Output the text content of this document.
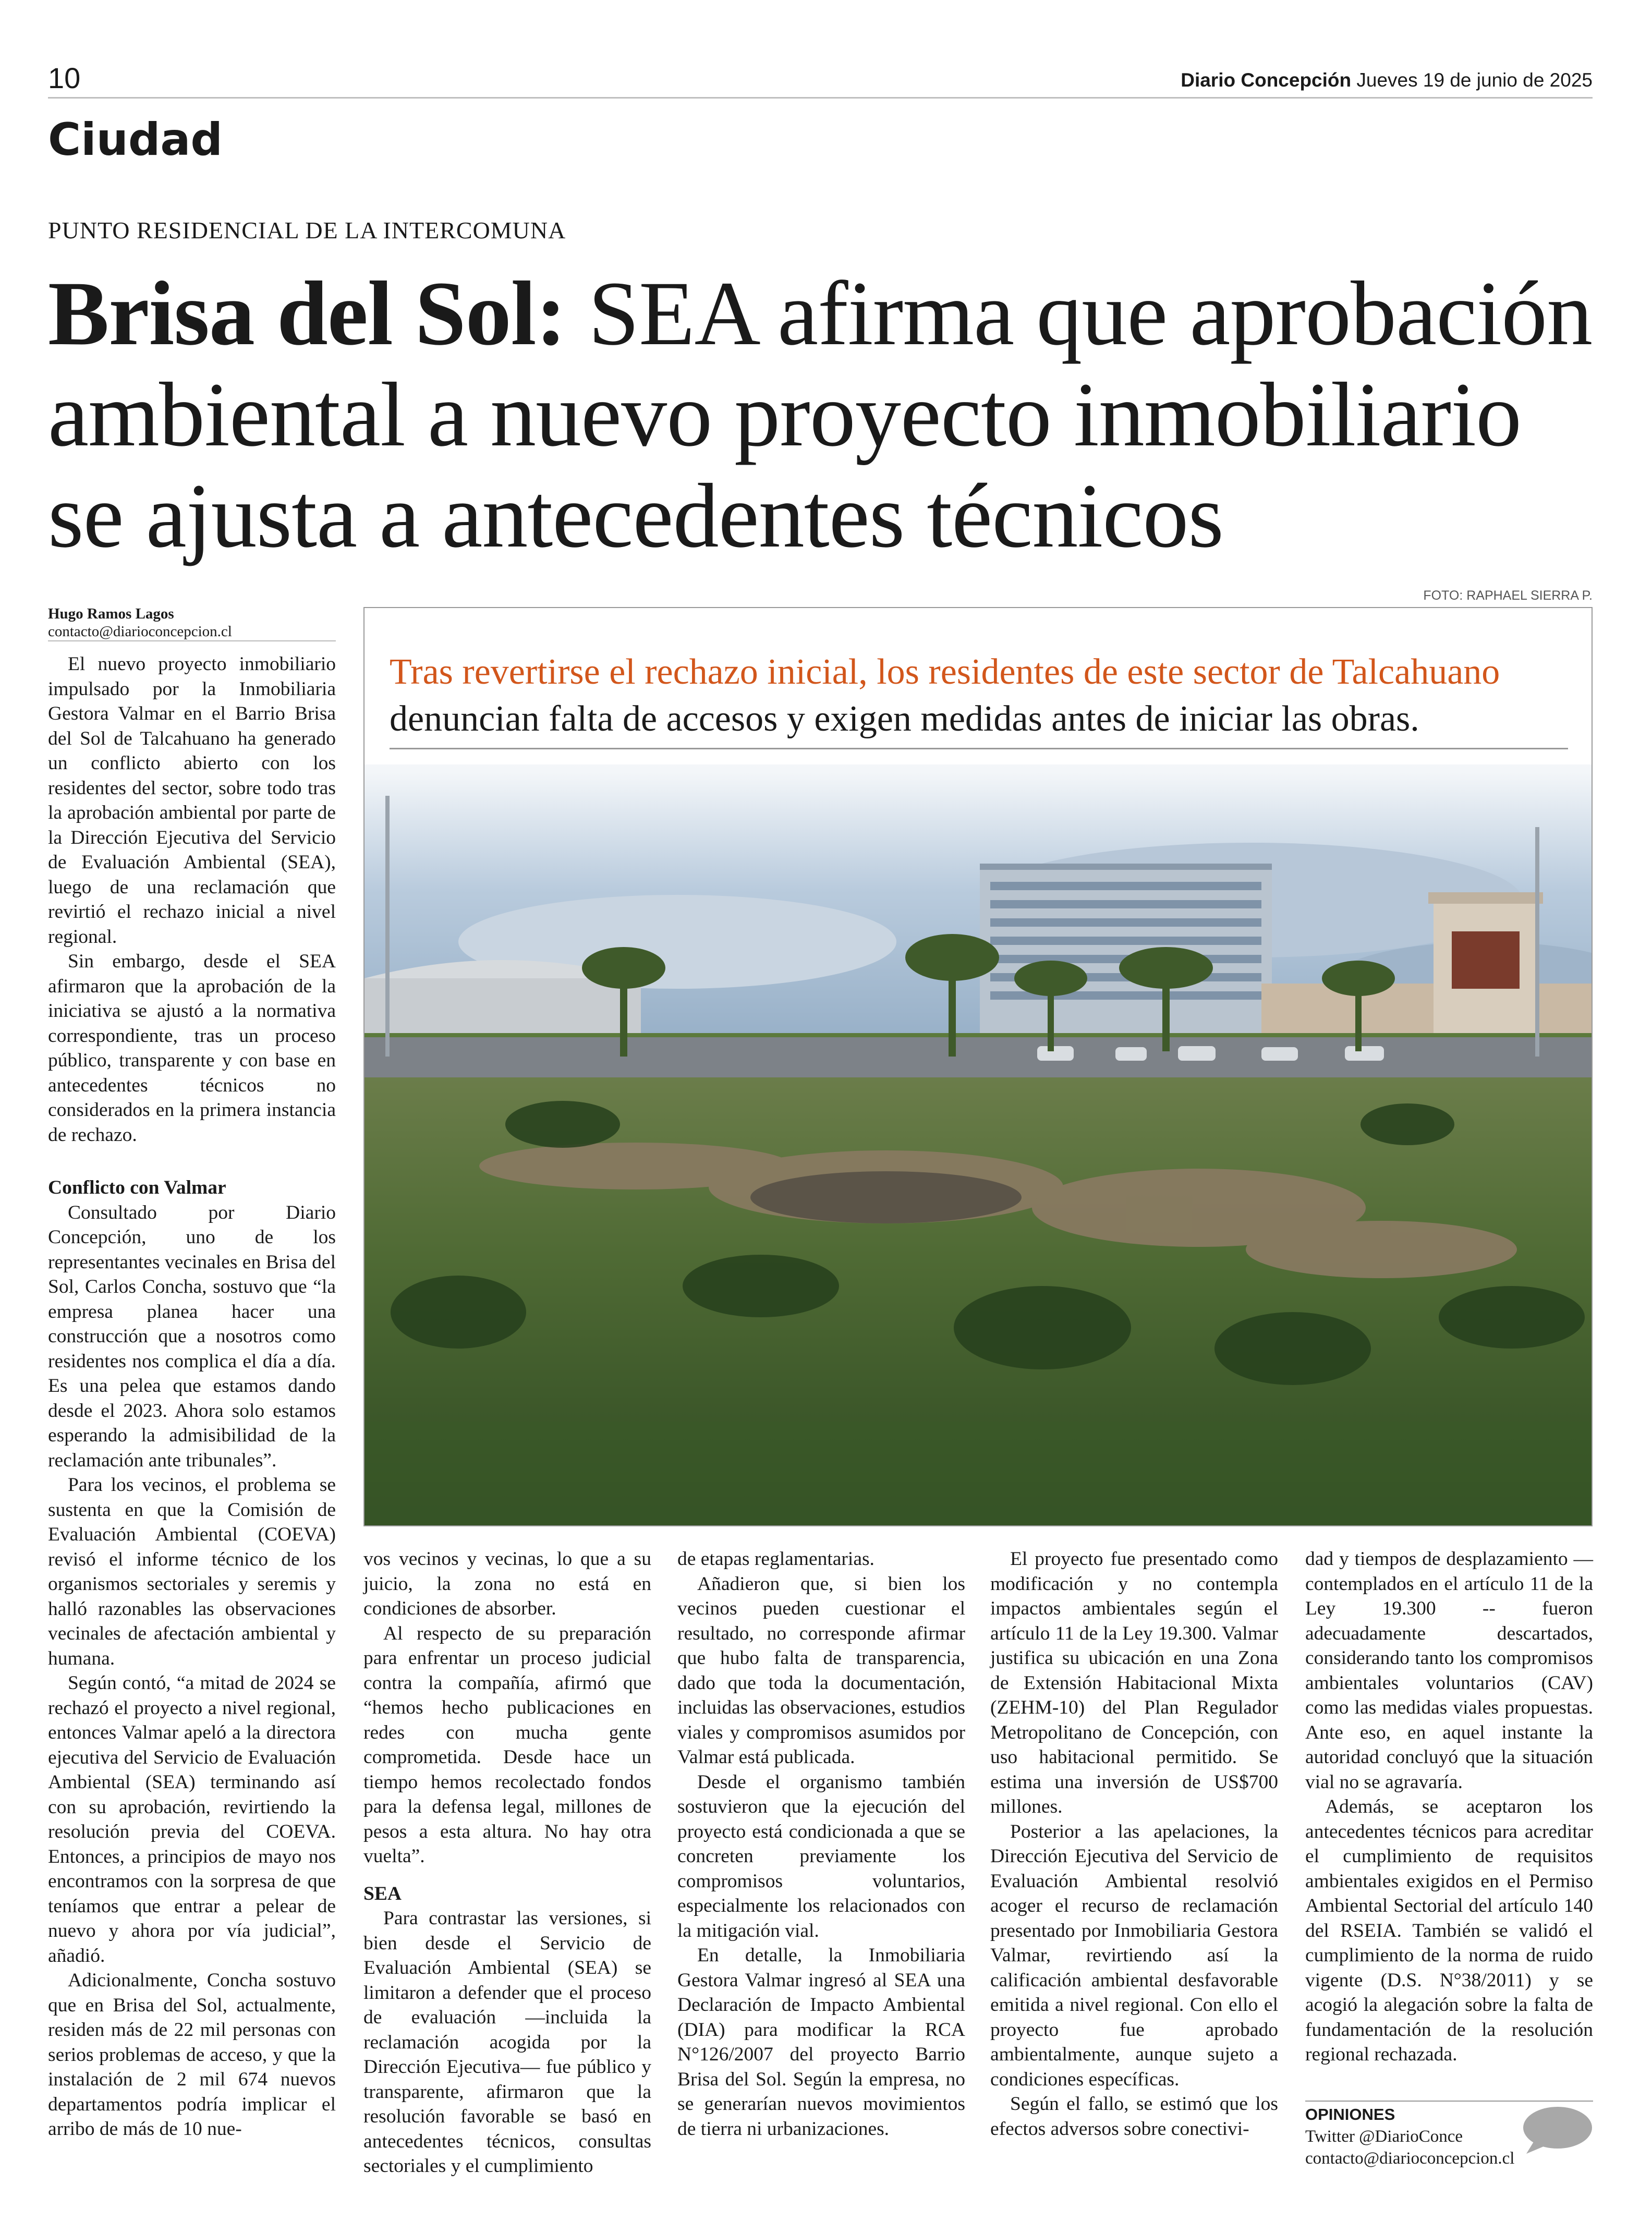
10	Diario Concepción Jueves 19 de junio de 2025
Ciudad
PUNTO RESIDENCIAL DE LA INTERCOMUNA
Brisa del Sol: SEA afirma que aprobación
ambiental a nuevo proyecto inmobiliario
se ajusta a antecedentes técnicos
Hugo Ramos Lagos
contacto@diarioconcepcion.cl
FOTO: RAPHAEL SIERRA P.
Tras revertirse el rechazo inicial, los residentes de este sector de Talcahuano
denuncian falta de accesos y exigen medidas antes de iniciar las obras.

El nuevo proyecto inmobiliario impulsado por la Inmobiliaria Gestora Valmar en el Barrio Brisa del Sol de Talcahuano ha generado un conflicto abierto con los residentes del sector, sobre todo tras la aprobación ambiental por parte de la Dirección Ejecutiva del Servicio de Evaluación Ambiental (SEA), luego de una reclamación que revirtió el rechazo inicial a nivel regional.

Sin embargo, desde el SEA afirmaron que la aprobación de la iniciativa se ajustó a la normativa correspondiente, tras un proceso público, transparente y con base en antecedentes técnicos no considerados en la primera instancia de rechazo.

Conflicto con Valmar

Consultado por Diario Concepción, uno de los representantes vecinales en Brisa del Sol, Carlos Concha, sostuvo que “la empresa planea hacer una construcción que a nosotros como residentes nos complica el día a día. Es una pelea que estamos dando desde el 2023. Ahora solo estamos esperando la admisibilidad de la reclamación ante tribunales”.

Para los vecinos, el problema se sustenta en que la Comisión de Evaluación Ambiental (COEVA) revisó el informe técnico de los organismos sectoriales y seremis y halló razonables las observaciones vecinales de afectación ambiental y humana.

Según contó, “a mitad de 2024 se rechazó el proyecto a nivel regional, entonces Valmar apeló a la directora ejecutiva del Servicio de Evaluación Ambiental (SEA) terminando así con su aprobación, revirtiendo la resolución previa del COEVA. Entonces, a principios de mayo nos encontramos con la sorpresa de que teníamos que entrar a pelear de nuevo y ahora por vía judicial”, añadió.

Adicionalmente, Concha sostuvo que en Brisa del Sol, actualmente, residen más de 22 mil personas con serios problemas de acceso, y que la instalación de 2 mil 674 nuevos departamentos podría implicar el arribo de más de 10 nue-

vos vecinos y vecinas, lo que a su juicio, la zona no está en condiciones de absorber.

Al respecto de su preparación para enfrentar un proceso judicial contra la compañía, afirmó que “hemos hecho publicaciones en redes con mucha gente comprometida. Desde hace un tiempo hemos recolectado fondos para la defensa legal, millones de pesos a esta altura. No hay otra vuelta”.

SEA

Para contrastar las versiones, si bien desde el Servicio de Evaluación Ambiental (SEA) se limitaron a defender que el proceso de evaluación —incluida la reclamación acogida por la Dirección Ejecutiva— fue público y transparente, afirmaron que la resolución favorable se basó en antecedentes técnicos, consultas sectoriales y el cumplimiento

de etapas reglamentarias.

Añadieron que, si bien los vecinos pueden cuestionar el resultado, no corresponde afirmar que hubo falta de transparencia, dado que toda la documentación, incluidas las observaciones, estudios viales y compromisos asumidos por Valmar está publicada.

Desde el organismo también sostuvieron que la ejecución del proyecto está condicionada a que se concreten previamente los compromisos voluntarios, especialmente los relacionados con la mitigación vial.

En detalle, la Inmobiliaria Gestora Valmar ingresó al SEA una Declaración de Impacto Ambiental (DIA) para modificar la RCA N°126/2007 del proyecto Barrio Brisa del Sol. Según la empresa, no se generarían nuevos movimientos de tierra ni urbanizaciones.

El proyecto fue presentado como modificación y no contempla impactos ambientales según el artículo 11 de la Ley 19.300. Valmar justifica su ubicación en una Zona de Extensión Habitacional Mixta (ZEHM-10) del Plan Regulador Metropolitano de Concepción, con uso habitacional permitido. Se estima una inversión de US$700 millones.

Posterior a las apelaciones, la Dirección Ejecutiva del Servicio de Evaluación Ambiental resolvió acoger el recurso de reclamación presentado por Inmobiliaria Gestora Valmar, revirtiendo así la calificación ambiental desfavorable emitida a nivel regional. Con ello el proyecto fue aprobado ambientalmente, aunque sujeto a condiciones específicas.

Según el fallo, se estimó que los efectos adversos sobre conectivi-

dad y tiempos de desplazamiento —contemplados en el artículo 11 de la Ley 19.300 -- fueron adecuadamente descartados, considerando tanto los compromisos ambientales voluntarios (CAV) como las medidas viales propuestas. Ante eso, en aquel instante la autoridad concluyó que la situación vial no se agravaría.

Además, se aceptaron los antecedentes técnicos para acreditar el cumplimiento de requisitos ambientales exigidos en el Permiso Ambiental Sectorial del artículo 140 del RSEIA. También se validó el cumplimiento de la norma de ruido vigente (D.S. N°38/2011) y se acogió la alegación sobre la falta de fundamentación de la resolución regional rechazada.

OPINIONES
Twitter @DiarioConce
contacto@diarioconcepcion.cl
